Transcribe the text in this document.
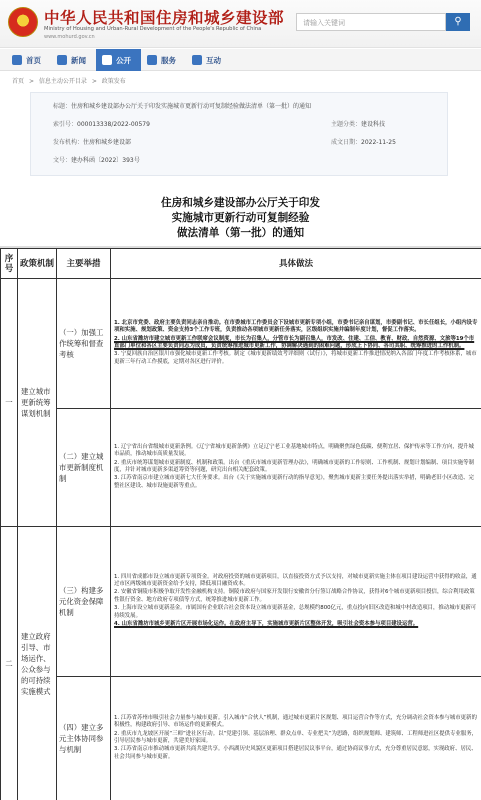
中华人民共和国住房和城乡建设部
Ministry of Housing and Urban-Rural Development of the People's Republic of China
www.mohurd.gov.cn
请输入关键词	⚲
首页	新闻	公开	服务	互动
首页 > 信息主动公开目录 > 政策发布
标题：住房和城乡建设部办公厅关于印发实施城市更新行动可复制经验做法清单（第一批）的通知
索引号：000013338/2022-00579	主题分类：建设科技
发布机构：住房和城乡建设部	成文日期：2022-11-25
文号：建办科函〔2022〕393号
住房和城乡建设部办公厅关于印发
实施城市更新行动可复制经验
做法清单（第一批）的通知
序号	政策机制	主要举措	具体做法
一	建立城市更新统筹谋划机制	（一）加强工作统筹和督查考核	1. 北京市党委、政府主要负责同志亲自推动。在市委城市工作委员会下设城市更新专项小组，市委书记亲自谋划，市委副书记、市长任组长，小组内设专项和实施、规划政策、资金支持3个工作专班，负责推动各项城市更新任务落实，区级组织实施并编制年度计划，督促工作落实。

2. 山东省潍坊市建立城市更新工作联席会议制度，市长为召集人，分管市长为副召集人，市发改、住建、工信、教育、财政、自然资源、文旅等19个市直部门单位和各区主要负责同志为成员，负责统筹推进城市更新工作，协调解决遇到的困难问题，形成上下协同、各司其职、统筹推进的工作机制。

3. 宁夏回族自治区银川市强化城市更新工作考核。制定《城市更新绩效考评细则（试行）》，将城市更新工作推进情况纳入各部门年度工作考核体系，城市更新三年行动工作摸底，定期对各区进行评价。

		（二）建立城市更新制度机制	1. 辽宁省出台省级城市更新条例。《辽宁省城市更新条例》立足辽宁老工业基地城市特点，明确聚焦绿色低碳、便利宜居、保护传承等工作方向，提升城市品质，推动城市高质量发展。

2. 重庆市统筹谋划城市更新制度、机制和政策。出台《重庆市城市更新管理办法》，明确城市更新的工作原则、工作机制、规划计划编制、项目实施等制度，并针对城市更新多渠道筹资等问题，研究出台相关配套政策。

3. 江苏省南京市建立城市更新七大任务要求。出台《关于实施城市更新行动的指导意见》，聚焦城市更新主要任务提出落实举措，明确老旧小区改造、完整社区建设、城市设施更新等重点。

二	建立政府引导、市场运作、公众参与的可持续实施模式	（三）构建多元化资金保障机制	1. 四川省成都市设立城市更新专项资金。对政府投资的城市更新项目，以直接投资方式予以支持，对城市更新实施主体在项目建设运营中获得的收益，通过市区两级城市更新资金给予支持，降低项目融资成本。

2. 安徽省铜陵市积极争取开发性金融机构支持。铜陵市政府与国家开发银行安徽省分行签订战略合作协议，获得对6个城市更新项目授信，综合利用政策性银行资金、地方政府专项债等方式，统筹推进城市更新工作。

3. 上海市设立城市更新基金。市属国有企业联合社会资本设立城市更新基金，总规模约800亿元，重点投向旧区改造和城中村改造项目，推动城市更新可持续发展。

4. 山东省潍坊市城乡更新片区开展市场化运作。在政府主导下，实施城市更新片区整体开发，吸引社会资本参与项目建设运营。

		（四）建立多元主体协同参与机制	1. 江苏省苏州市吸引社会力量参与城市更新。引入城市“合伙人”机制，通过城市更新片区规划、项目运营合作等方式，充分调动社会资本参与城市更新的积极性，构建政府引导、市场运作的更新模式。

2. 重庆市九龙坡区开展“三师”进社区行动。以“党建引领、基层治理、群众点单、专业把关”为思路，组织规划师、建筑师、工程师进社区提供专业服务，引导居民参与城市更新，共建美好家园。

3. 江苏省南京市推动城市更新共商共建共享。小西湖历史风貌区更新项目搭建居民议事平台，通过协商议事方式，充分尊重居民意愿，实现政府、居民、社会共同参与城市更新。
